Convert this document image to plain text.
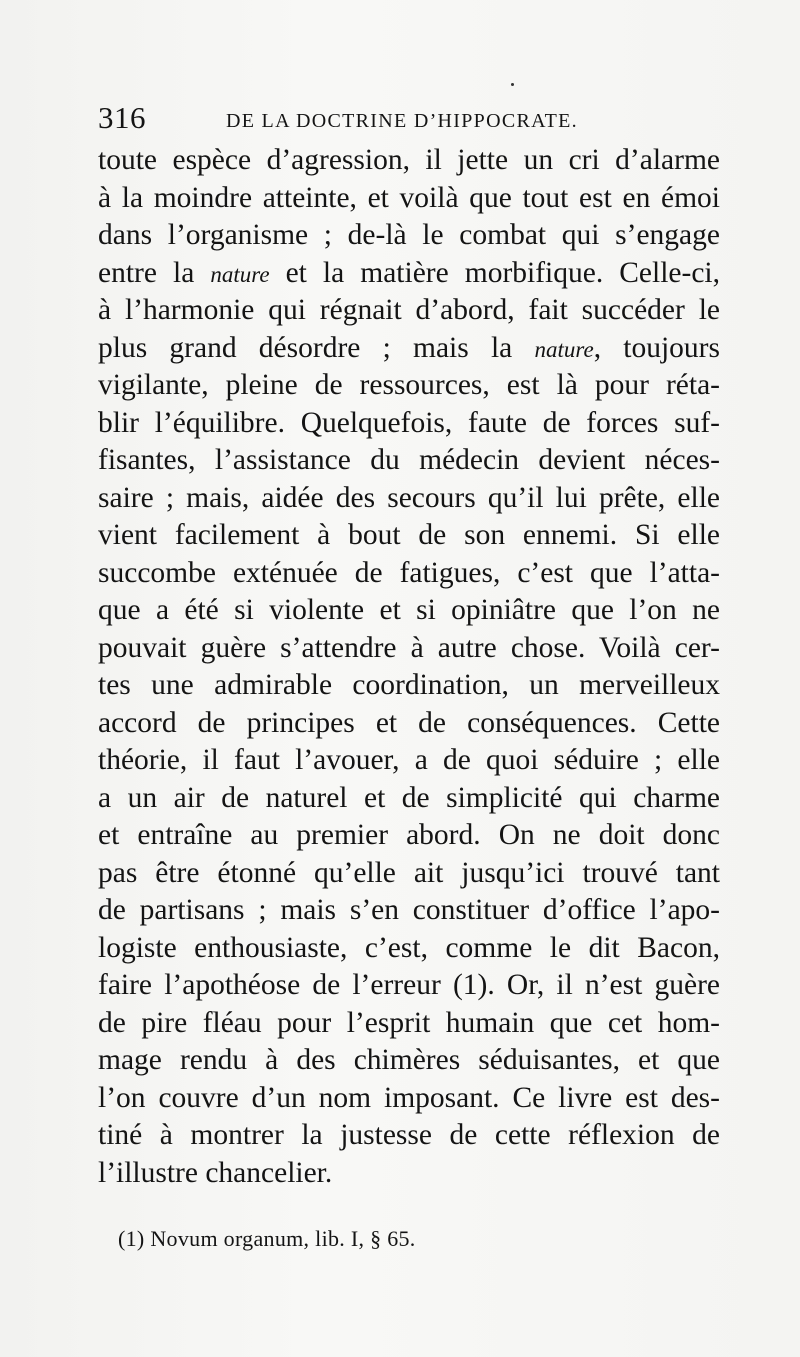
316	DE LA DOCTRINE D’HIPPOCRATE.
toute espèce d’agression, il jette un cri d’alarme
à la moindre atteinte, et voilà que tout est en émoi
dans l’organisme ; de-là le combat qui s’engage
entre la nature et la matière morbifique. Celle-ci,
à l’harmonie qui régnait d’abord, fait succéder le
plus grand désordre ; mais la nature, toujours
vigilante, pleine de ressources, est là pour réta-
blir l’équilibre. Quelquefois, faute de forces suf-
fisantes, l’assistance du médecin devient néces-
saire ; mais, aidée des secours qu’il lui prête, elle
vient facilement à bout de son ennemi. Si elle
succombe exténuée de fatigues, c’est que l’atta-
que a été si violente et si opiniâtre que l’on ne
pouvait guère s’attendre à autre chose. Voilà cer-
tes une admirable coordination, un merveilleux
accord de principes et de conséquences. Cette
théorie, il faut l’avouer, a de quoi séduire ; elle
a un air de naturel et de simplicité qui charme
et entraîne au premier abord. On ne doit donc
pas être étonné qu’elle ait jusqu’ici trouvé tant
de partisans ; mais s’en constituer d’office l’apo-
logiste enthousiaste, c’est, comme le dit Bacon,
faire l’apothéose de l’erreur (1). Or, il n’est guère
de pire fléau pour l’esprit humain que cet hom-
mage rendu à des chimères séduisantes, et que
l’on couvre d’un nom imposant. Ce livre est des-
tiné à montrer la justesse de cette réflexion de
l’illustre chancelier.
(1) Novum organum, lib. I, § 65.
